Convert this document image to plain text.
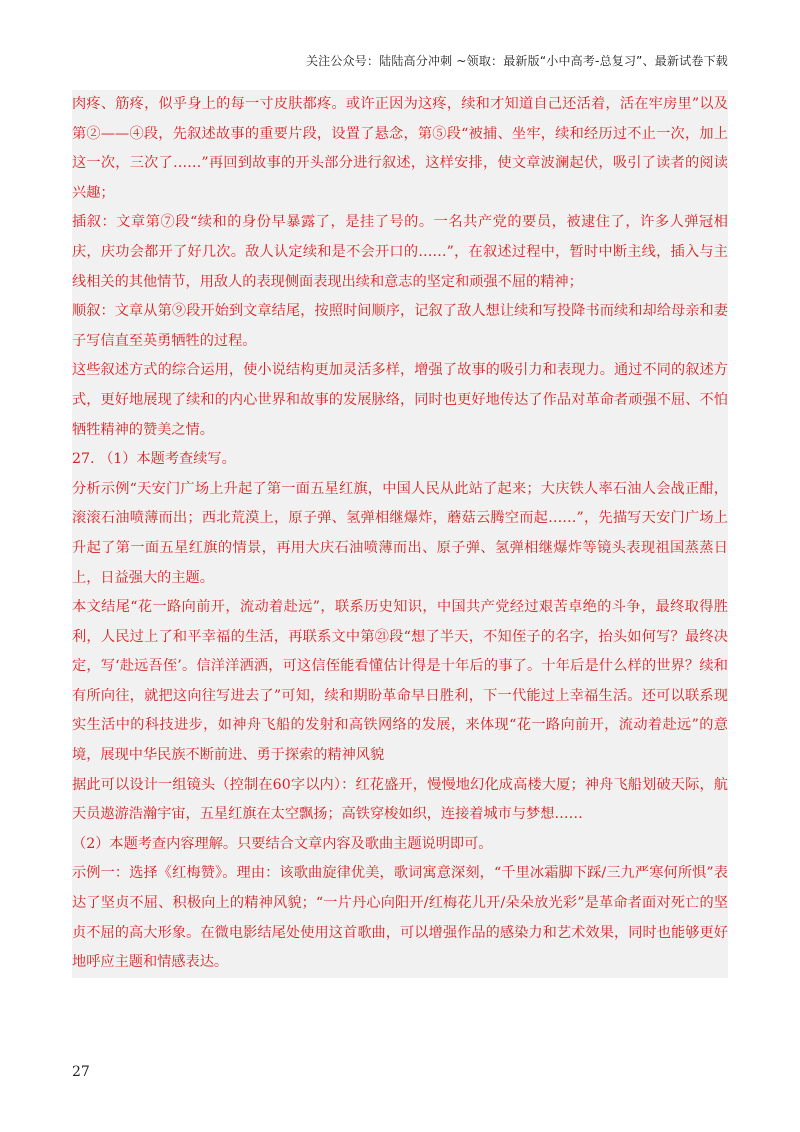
关注公众号：陆陆高分冲刺 ~领取：最新版“小中高考-总复习”、最新试卷下载

肉疼、筋疼，似乎身上的每一寸皮肤都疼。或许正因为这疼，续和才知道自己还活着，活在牢房里”以及第②——④段，先叙述故事的重要片段，设置了悬念，第⑤段“被捕、坐牢，续和经历过不止一次，加上这一次，三次了……”再回到故事的开头部分进行叙述，这样安排，使文章波澜起伏，吸引了读者的阅读兴趣；

插叙：文章第⑦段“续和的身份早暴露了，是挂了号的。一名共产党的要员，被逮住了，许多人弹冠相庆，庆功会都开了好几次。敌人认定续和是不会开口的……”，在叙述过程中，暂时中断主线，插入与主线相关的其他情节，用敌人的表现侧面表现出续和意志的坚定和顽强不屈的精神；

顺叙：文章从第⑨段开始到文章结尾，按照时间顺序，记叙了敌人想让续和写投降书而续和却给母亲和妻子写信直至英勇牺牲的过程。

这些叙述方式的综合运用，使小说结构更加灵活多样，增强了故事的吸引力和表现力。通过不同的叙述方式，更好地展现了续和的内心世界和故事的发展脉络，同时也更好地传达了作品对革命者顽强不屈、不怕牺牲精神的赞美之情。

27. （1）本题考查续写。

分析示例“天安门广场上升起了第一面五星红旗，中国人民从此站了起来；大庆铁人率石油人会战正酣，滚滚石油喷薄而出；西北荒漠上，原子弹、氢弹相继爆炸，蘑菇云腾空而起……”，先描写天安门广场上升起了第一面五星红旗的情景，再用大庆石油喷薄而出、原子弹、氢弹相继爆炸等镜头表现祖国蒸蒸日上，日益强大的主题。

本文结尾“花一路向前开，流动着赴远”，联系历史知识，中国共产党经过艰苦卓绝的斗争，最终取得胜利，人民过上了和平幸福的生活，再联系文中第㉑段“想了半天，不知侄子的名字，抬头如何写？最终决定，写‘赴远吾侄’。信洋洋洒洒，可这信侄能看懂估计得是十年后的事了。十年后是什么样的世界？续和有所向往，就把这向往写进去了”可知，续和期盼革命早日胜利，下一代能过上幸福生活。还可以联系现实生活中的科技进步，如神舟飞船的发射和高铁网络的发展，来体现“花一路向前开，流动着赴远”的意境，展现中华民族不断前进、勇于探索的精神风貌

据此可以设计一组镜头（控制在60字以内）：红花盛开，慢慢地幻化成高楼大厦；神舟飞船划破天际，航天员遨游浩瀚宇宙，五星红旗在太空飘扬；高铁穿梭如织，连接着城市与梦想……

（2）本题考查内容理解。只要结合文章内容及歌曲主题说明即可。

示例一：选择《红梅赞》。理由：该歌曲旋律优美，歌词寓意深刻，“千里冰霜脚下踩/三九严寒何所惧”表达了坚贞不屈、积极向上的精神风貌；“一片丹心向阳开/红梅花儿开/朵朵放光彩”是革命者面对死亡的坚贞不屈的高大形象。在微电影结尾处使用这首歌曲，可以增强作品的感染力和艺术效果，同时也能够更好地呼应主题和情感表达。

27
